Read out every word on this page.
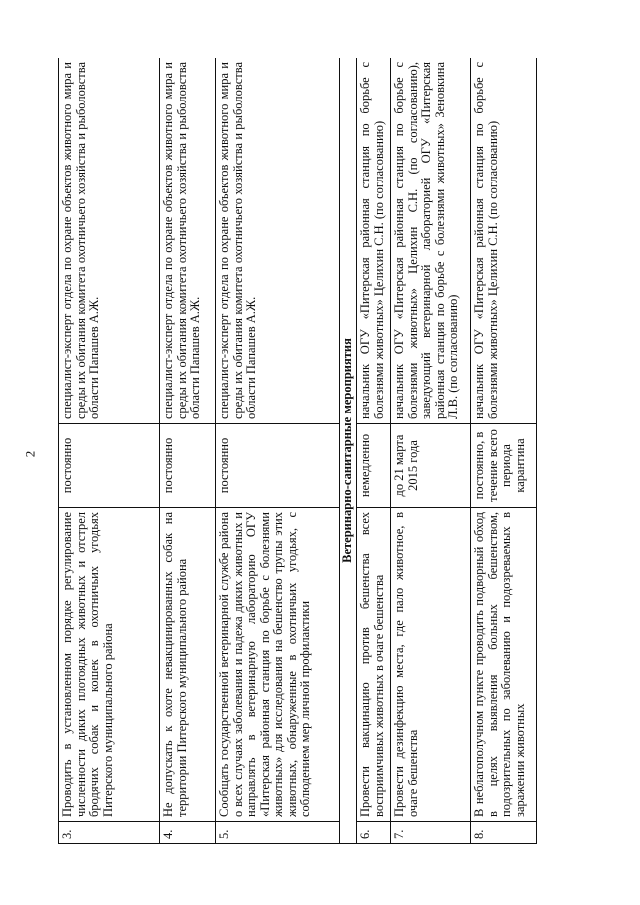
2
3.	Проводить в установленном порядке регулирование численности диких плотоядных животных и отстрел бродячих собак и кошек в охотничьих угодьях Питерского муниципального района	постоянно	специалист-эксперт отдела по охране объектов животного мира и среды их обитания комитета охотничьего хозяйства и рыболовства области Папашев А.Ж.
4.	Не допускать к охоте невакцинированных собак на территории Питерского муниципального района	постоянно	специалист-эксперт отдела по охране объектов животного мира и среды их обитания комитета охотничьего хозяйства и рыболовства области Папашев А.Ж.
5.	Сообщать государственной ветеринарной службе района о всех случаях заболевания и падежа диких животных и направлять в ветеринарную лабораторию ОГУ «Питерская районная станция по борьбе с болезнями животных» для исследования на бешенство трупы этих животных, обнаруженные в охотничьих угодьях, с соблюдением мер личной профилактики	постоянно	специалист-эксперт отдела по охране объектов животного мира и среды их обитания комитета охотничьего хозяйства и рыболовства области Папашев А.Ж.
Ветеринарно-санитарные мероприятия			
6.	Провести вакцинацию против бешенства всех восприимчивых животных в очаге бешенства	немедленно	начальник ОГУ «Питерская районная станция по борьбе с болезнями животных» Целихин С.Н. (по согласованию)
7.	Провести дезинфекцию места, где пало животное, в очаге бешенства	до 21 марта 2015 года	начальник ОГУ «Питерская районная станция по борьбе с болезнями животных» Целихин С.Н. (по согласованию), заведующий ветеринарной лабораторией ОГУ «Питерская районная станция по борьбе с болезнями животных» Зеновкина Л.В. (по согласованию)
8.	В неблагополучном пункте проводить подворный обход в целях выявления больных бешенством, подозрительных по заболеванию и подозреваемых в заражении животных	постоянно, в течение всего периода карантина	начальник ОГУ «Питерская районная станция по борьбе с болезнями животных» Целихин С.Н. (по согласованию)
